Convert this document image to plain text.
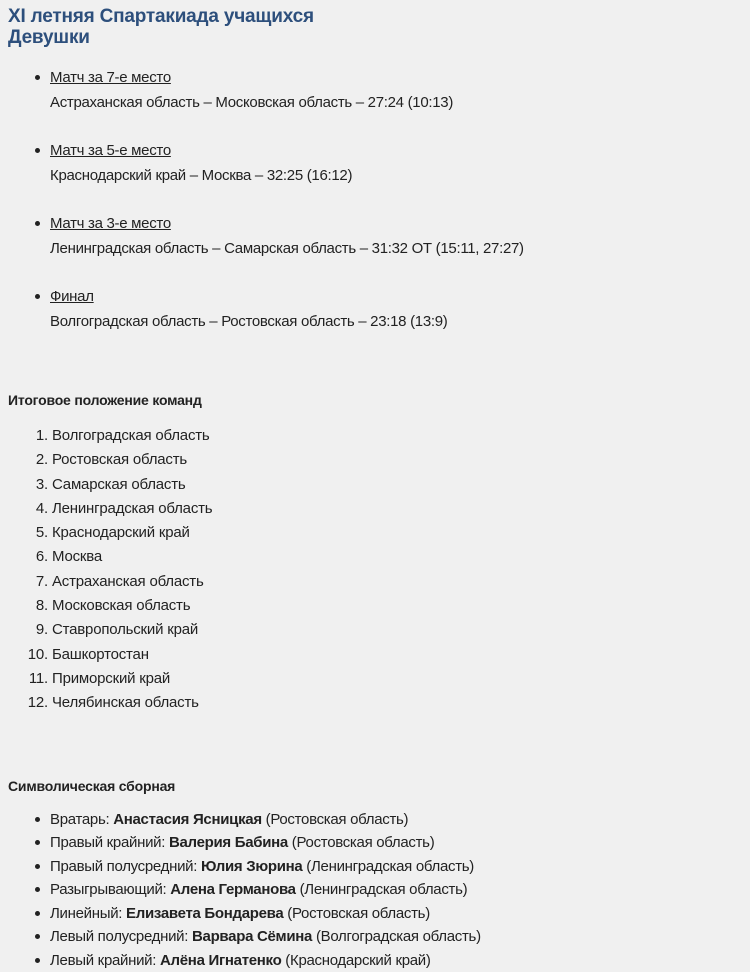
XI летняя Спартакиада учащихся
Девушки
Матч за 7-е место
Астраханская область – Московская область – 27:24 (10:13)
Матч за 5-е место
Краснодарский край – Москва – 32:25 (16:12)
Матч за 3-е место
Ленинградская область – Самарская область – 31:32 ОТ (15:11, 27:27)
Финал
Волгоградская область – Ростовская область – 23:18 (13:9)
Итоговое положение команд
1. Волгоградская область
2. Ростовская область
3. Самарская область
4. Ленинградская область
5. Краснодарский край
6. Москва
7. Астраханская область
8. Московская область
9. Ставропольский край
10. Башкортостан
11. Приморский край
12. Челябинская область
Символическая сборная
Вратарь: Анастасия Ясницкая (Ростовская область)
Правый крайний: Валерия Бабина (Ростовская область)
Правый полусредний: Юлия Зюрина (Ленинградская область)
Разыгрывающий: Алена Германова (Ленинградская область)
Линейный: Елизавета Бондарева (Ростовская область)
Левый полусредний: Варвара Сёмина (Волгоградская область)
Левый крайний: Алёна Игнатенко (Краснодарский край)
